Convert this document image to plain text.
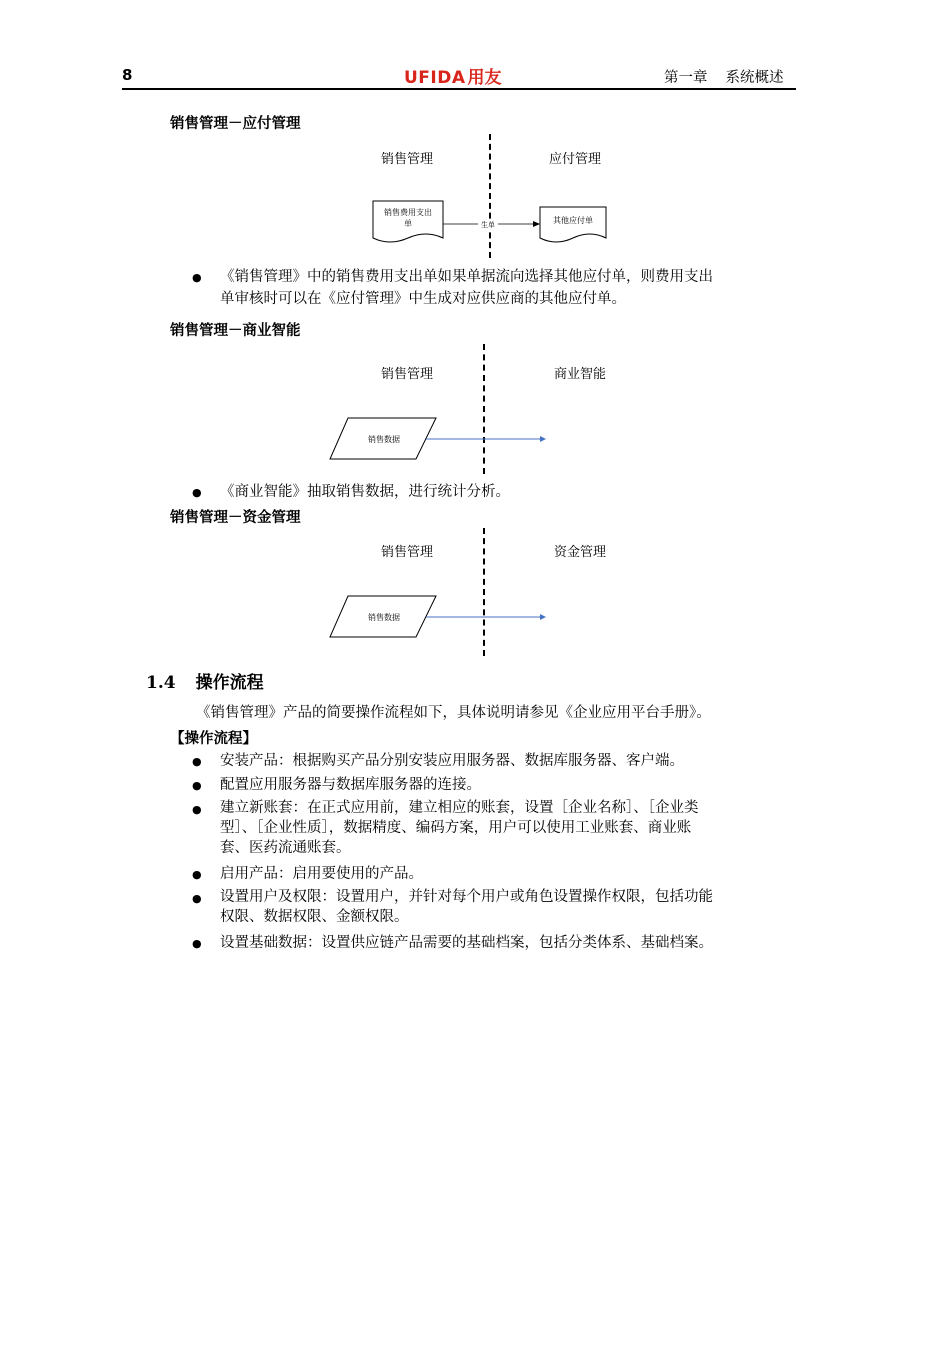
8	UFIDA 用友	第一章 系统概述
销售管理－应付管理
销售管理	应付管理
销售费用支出
单	生单	其他应付单
● 《销售管理》中的销售费用支出单如果单据流向选择其他应付单，则费用支出
单审核时可以在《应付管理》中生成对应供应商的其他应付单。
销售管理－商业智能
销售管理	商业智能
销售数据
● 《商业智能》抽取销售数据，进行统计分析。
销售管理－资金管理
销售管理	资金管理
销售数据
1.4 操作流程
《销售管理》产品的简要操作流程如下，具体说明请参见《企业应用平台手册》。
【操作流程】
● 安装产品：根据购买产品分别安装应用服务器、数据库服务器、客户端。
● 配置应用服务器与数据库服务器的连接。
● 建立新账套：在正式应用前，建立相应的账套，设置［企业名称］、［企业类
型］、［企业性质］，数据精度、编码方案，用户可以使用工业账套、商业账
套、医药流通账套。
● 启用产品：启用要使用的产品。
● 设置用户及权限：设置用户，并针对每个用户或角色设置操作权限，包括功能
权限、数据权限、金额权限。
● 设置基础数据：设置供应链产品需要的基础档案，包括分类体系、基础档案。
